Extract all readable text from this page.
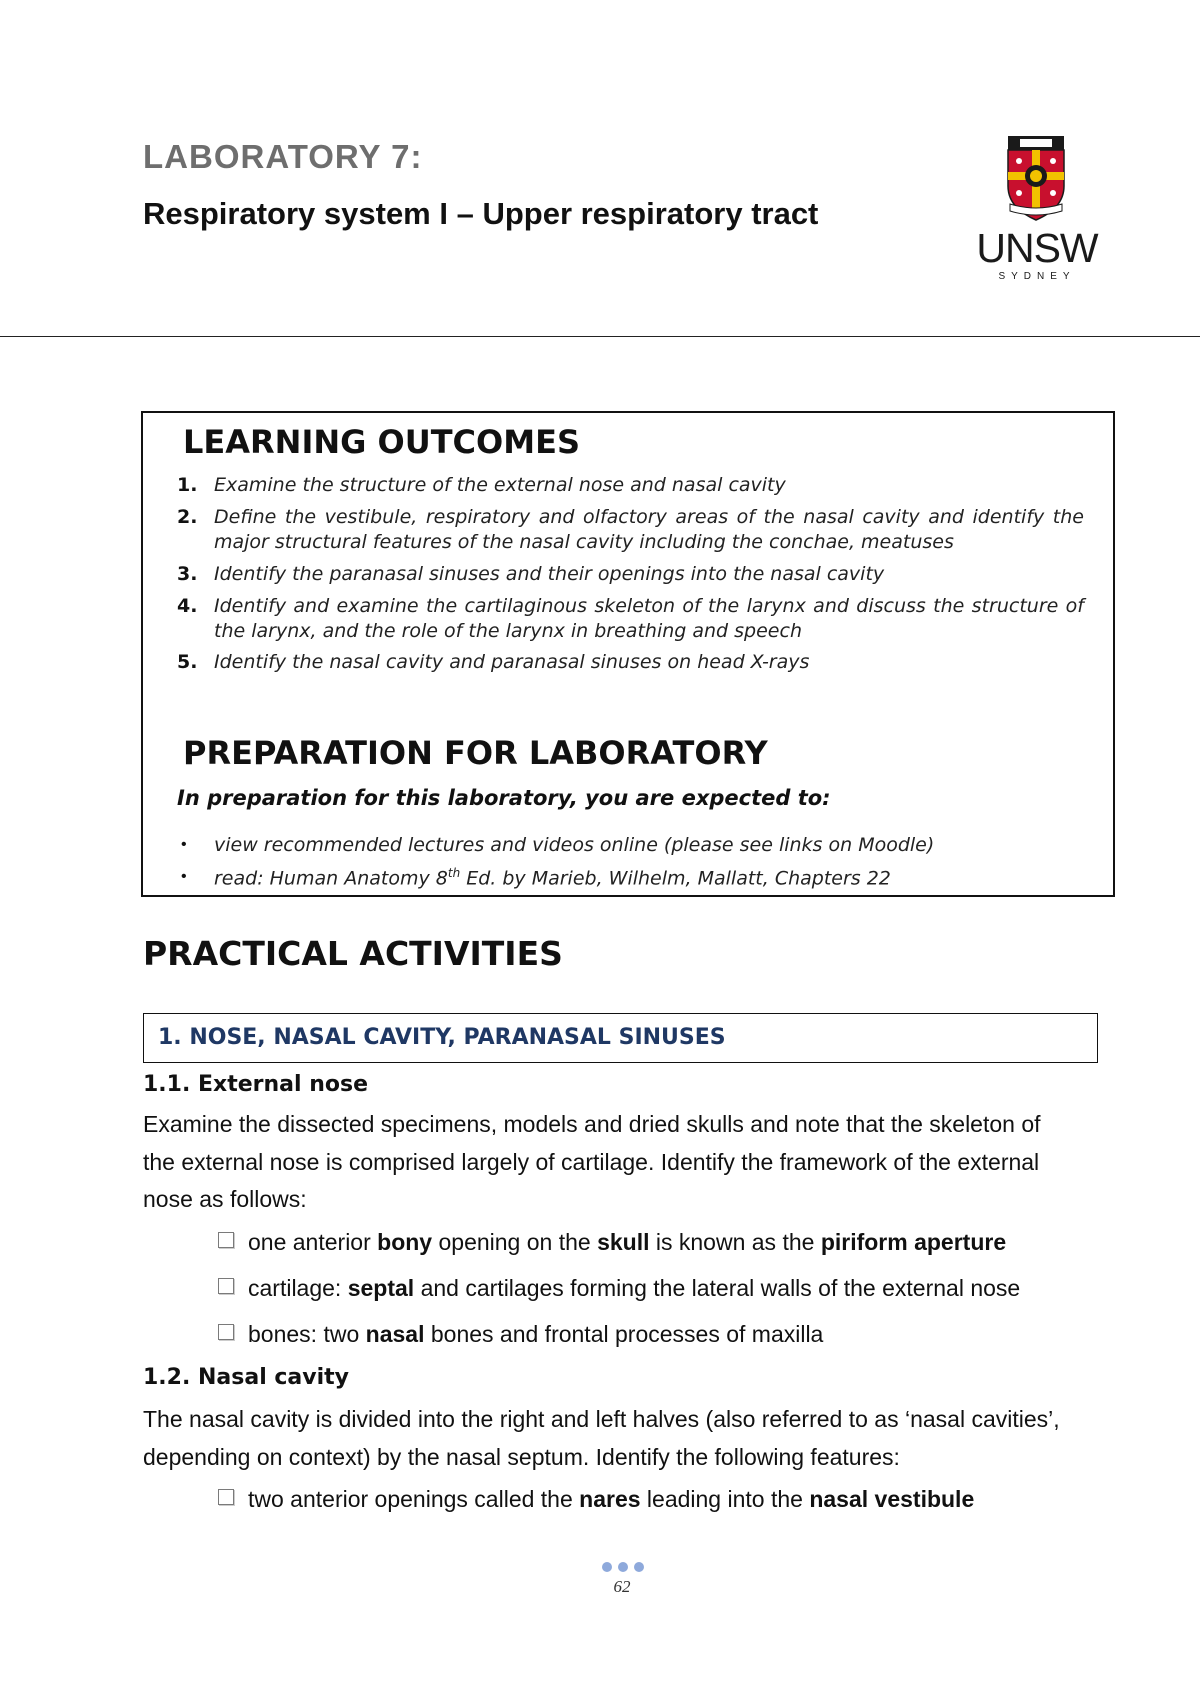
LABORATORY 7:
Respiratory system I – Upper respiratory tract
UNSW
SYDNEY
LEARNING OUTCOMES
1. Examine the structure of the external nose and nasal cavity
2. Define the vestibule, respiratory and olfactory areas of the nasal cavity and identify the major structural features of the nasal cavity including the conchae, meatuses
3. Identify the paranasal sinuses and their openings into the nasal cavity
4. Identify and examine the cartilaginous skeleton of the larynx and discuss the structure of the larynx, and the role of the larynx in breathing and speech
5. Identify the nasal cavity and paranasal sinuses on head X-rays
PREPARATION FOR LABORATORY
In preparation for this laboratory, you are expected to:
• view recommended lectures and videos online (please see links on Moodle)
• read: Human Anatomy 8th Ed. by Marieb, Wilhelm, Mallatt, Chapters 22
PRACTICAL ACTIVITIES
1. NOSE, NASAL CAVITY, PARANASAL SINUSES
1.1. External nose
Examine the dissected specimens, models and dried skulls and note that the skeleton of
the external nose is comprised largely of cartilage. Identify the framework of the external
nose as follows:
one anterior bony opening on the skull is known as the piriform aperture
cartilage: septal and cartilages forming the lateral walls of the external nose
bones: two nasal bones and frontal processes of maxilla
1.2. Nasal cavity
The nasal cavity is divided into the right and left halves (also referred to as ‘nasal cavities’,
depending on context) by the nasal septum. Identify the following features:
two anterior openings called the nares leading into the nasal vestibule
62
